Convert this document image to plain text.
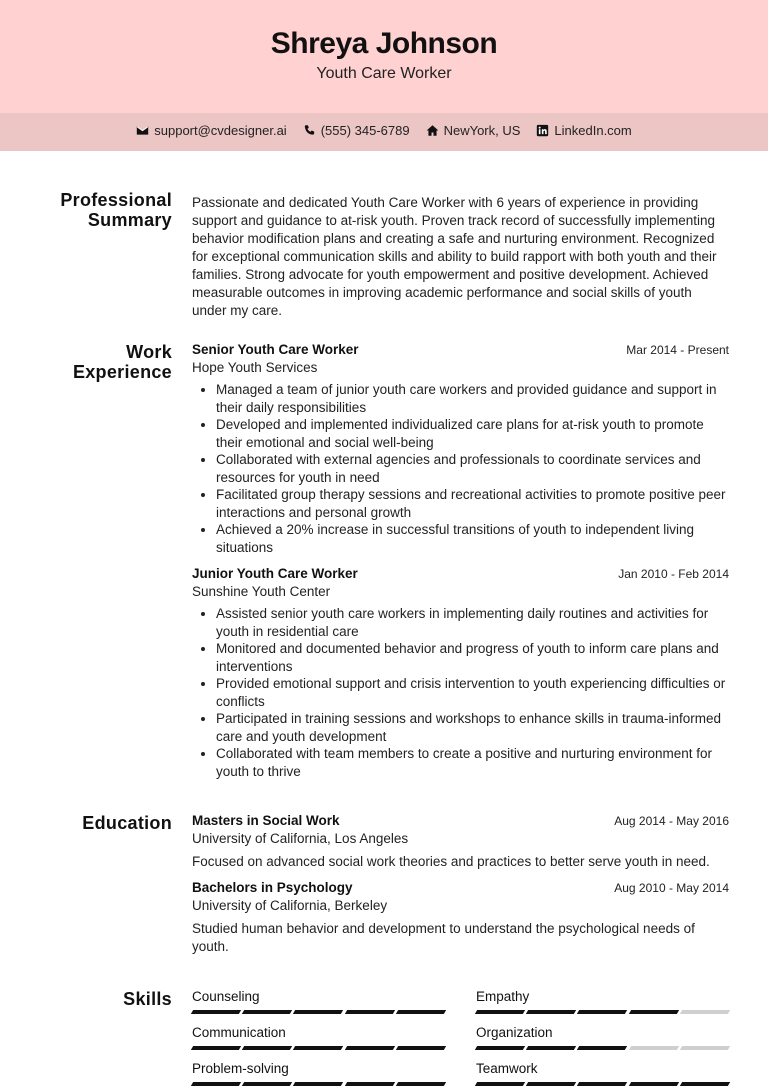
Shreya Johnson
Youth Care Worker
support@cvdesigner.ai	(555) 345-6789	NewYork, US	LinkedIn.com
Professional
Summary
Passionate and dedicated Youth Care Worker with 6 years of experience in providing support and guidance to at-risk youth. Proven track record of successfully implementing behavior modification plans and creating a safe and nurturing environment. Recognized for exceptional communication skills and ability to build rapport with both youth and their families. Strong advocate for youth empowerment and positive development. Achieved measurable outcomes in improving academic performance and social skills of youth under my care.
Work
Experience
Senior Youth Care Worker	Mar 2014 - Present
Hope Youth Services
• Managed a team of junior youth care workers and provided guidance and support in their daily responsibilities
• Developed and implemented individualized care plans for at-risk youth to promote their emotional and social well-being
• Collaborated with external agencies and professionals to coordinate services and resources for youth in need
• Facilitated group therapy sessions and recreational activities to promote positive peer interactions and personal growth
• Achieved a 20% increase in successful transitions of youth to independent living situations
Junior Youth Care Worker	Jan 2010 - Feb 2014
Sunshine Youth Center
• Assisted senior youth care workers in implementing daily routines and activities for youth in residential care
• Monitored and documented behavior and progress of youth to inform care plans and interventions
• Provided emotional support and crisis intervention to youth experiencing difficulties or conflicts
• Participated in training sessions and workshops to enhance skills in trauma-informed care and youth development
• Collaborated with team members to create a positive and nurturing environment for youth to thrive
Education Masters in Social Work	Aug 2014 - May 2016
University of California, Los Angeles
Focused on advanced social work theories and practices to better serve youth in need.
Bachelors in Psychology	Aug 2010 - May 2014
University of California, Berkeley
Studied human behavior and development to understand the psychological needs of youth.
Skills Counseling	Empathy
Communication	Organization
Problem-solving	Teamwork
